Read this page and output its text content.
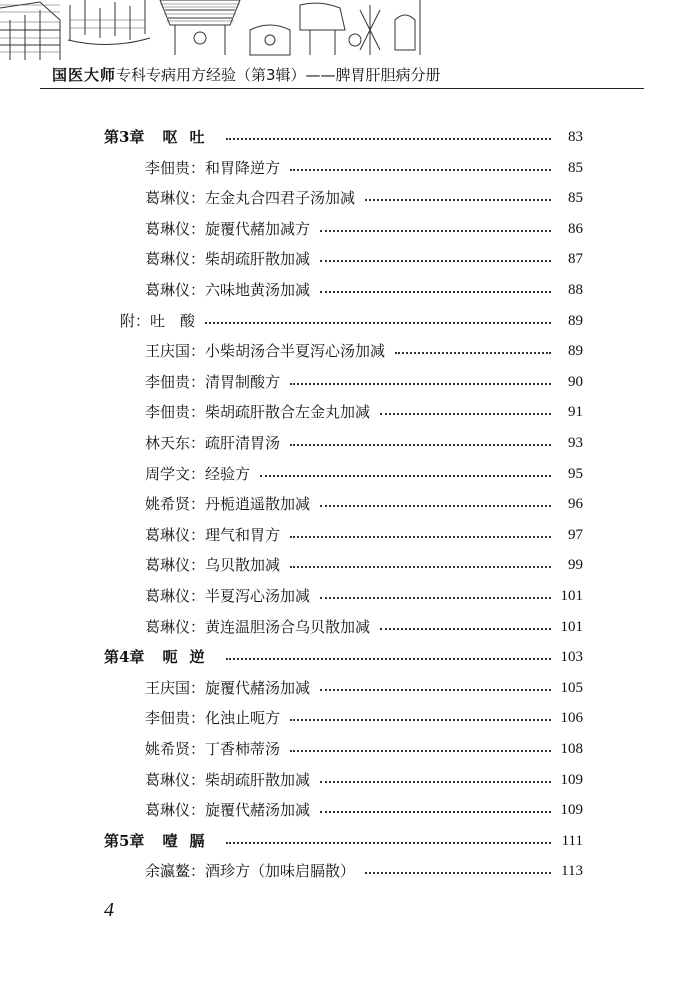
国医大师专科专病用方经验（第3辑）——脾胃肝胆病分册
第3章 呕吐	83
李佃贵：和胃降逆方	85
葛琳仪：左金丸合四君子汤加减	85
葛琳仪：旋覆代赭加减方	86
葛琳仪：柴胡疏肝散加减	87
葛琳仪：六味地黄汤加减	88
附：吐　酸	89
王庆国：小柴胡汤合半夏泻心汤加减	89
李佃贵：清胃制酸方	90
李佃贵：柴胡疏肝散合左金丸加减	91
林天东：疏肝清胃汤	93
周学文：经验方	95
姚希贤：丹栀逍遥散加减	96
葛琳仪：理气和胃方	97
葛琳仪：乌贝散加减	99
葛琳仪：半夏泻心汤加减	101
葛琳仪：黄连温胆汤合乌贝散加减	101
第4章 呃逆	103
王庆国：旋覆代赭汤加减	105
李佃贵：化浊止呃方	106
姚希贤：丁香柿蒂汤	108
葛琳仪：柴胡疏肝散加减	109
葛琳仪：旋覆代赭汤加减	109
第5章 噎膈	111
余瀛鳌：酒珍方（加味启膈散）	113
4
